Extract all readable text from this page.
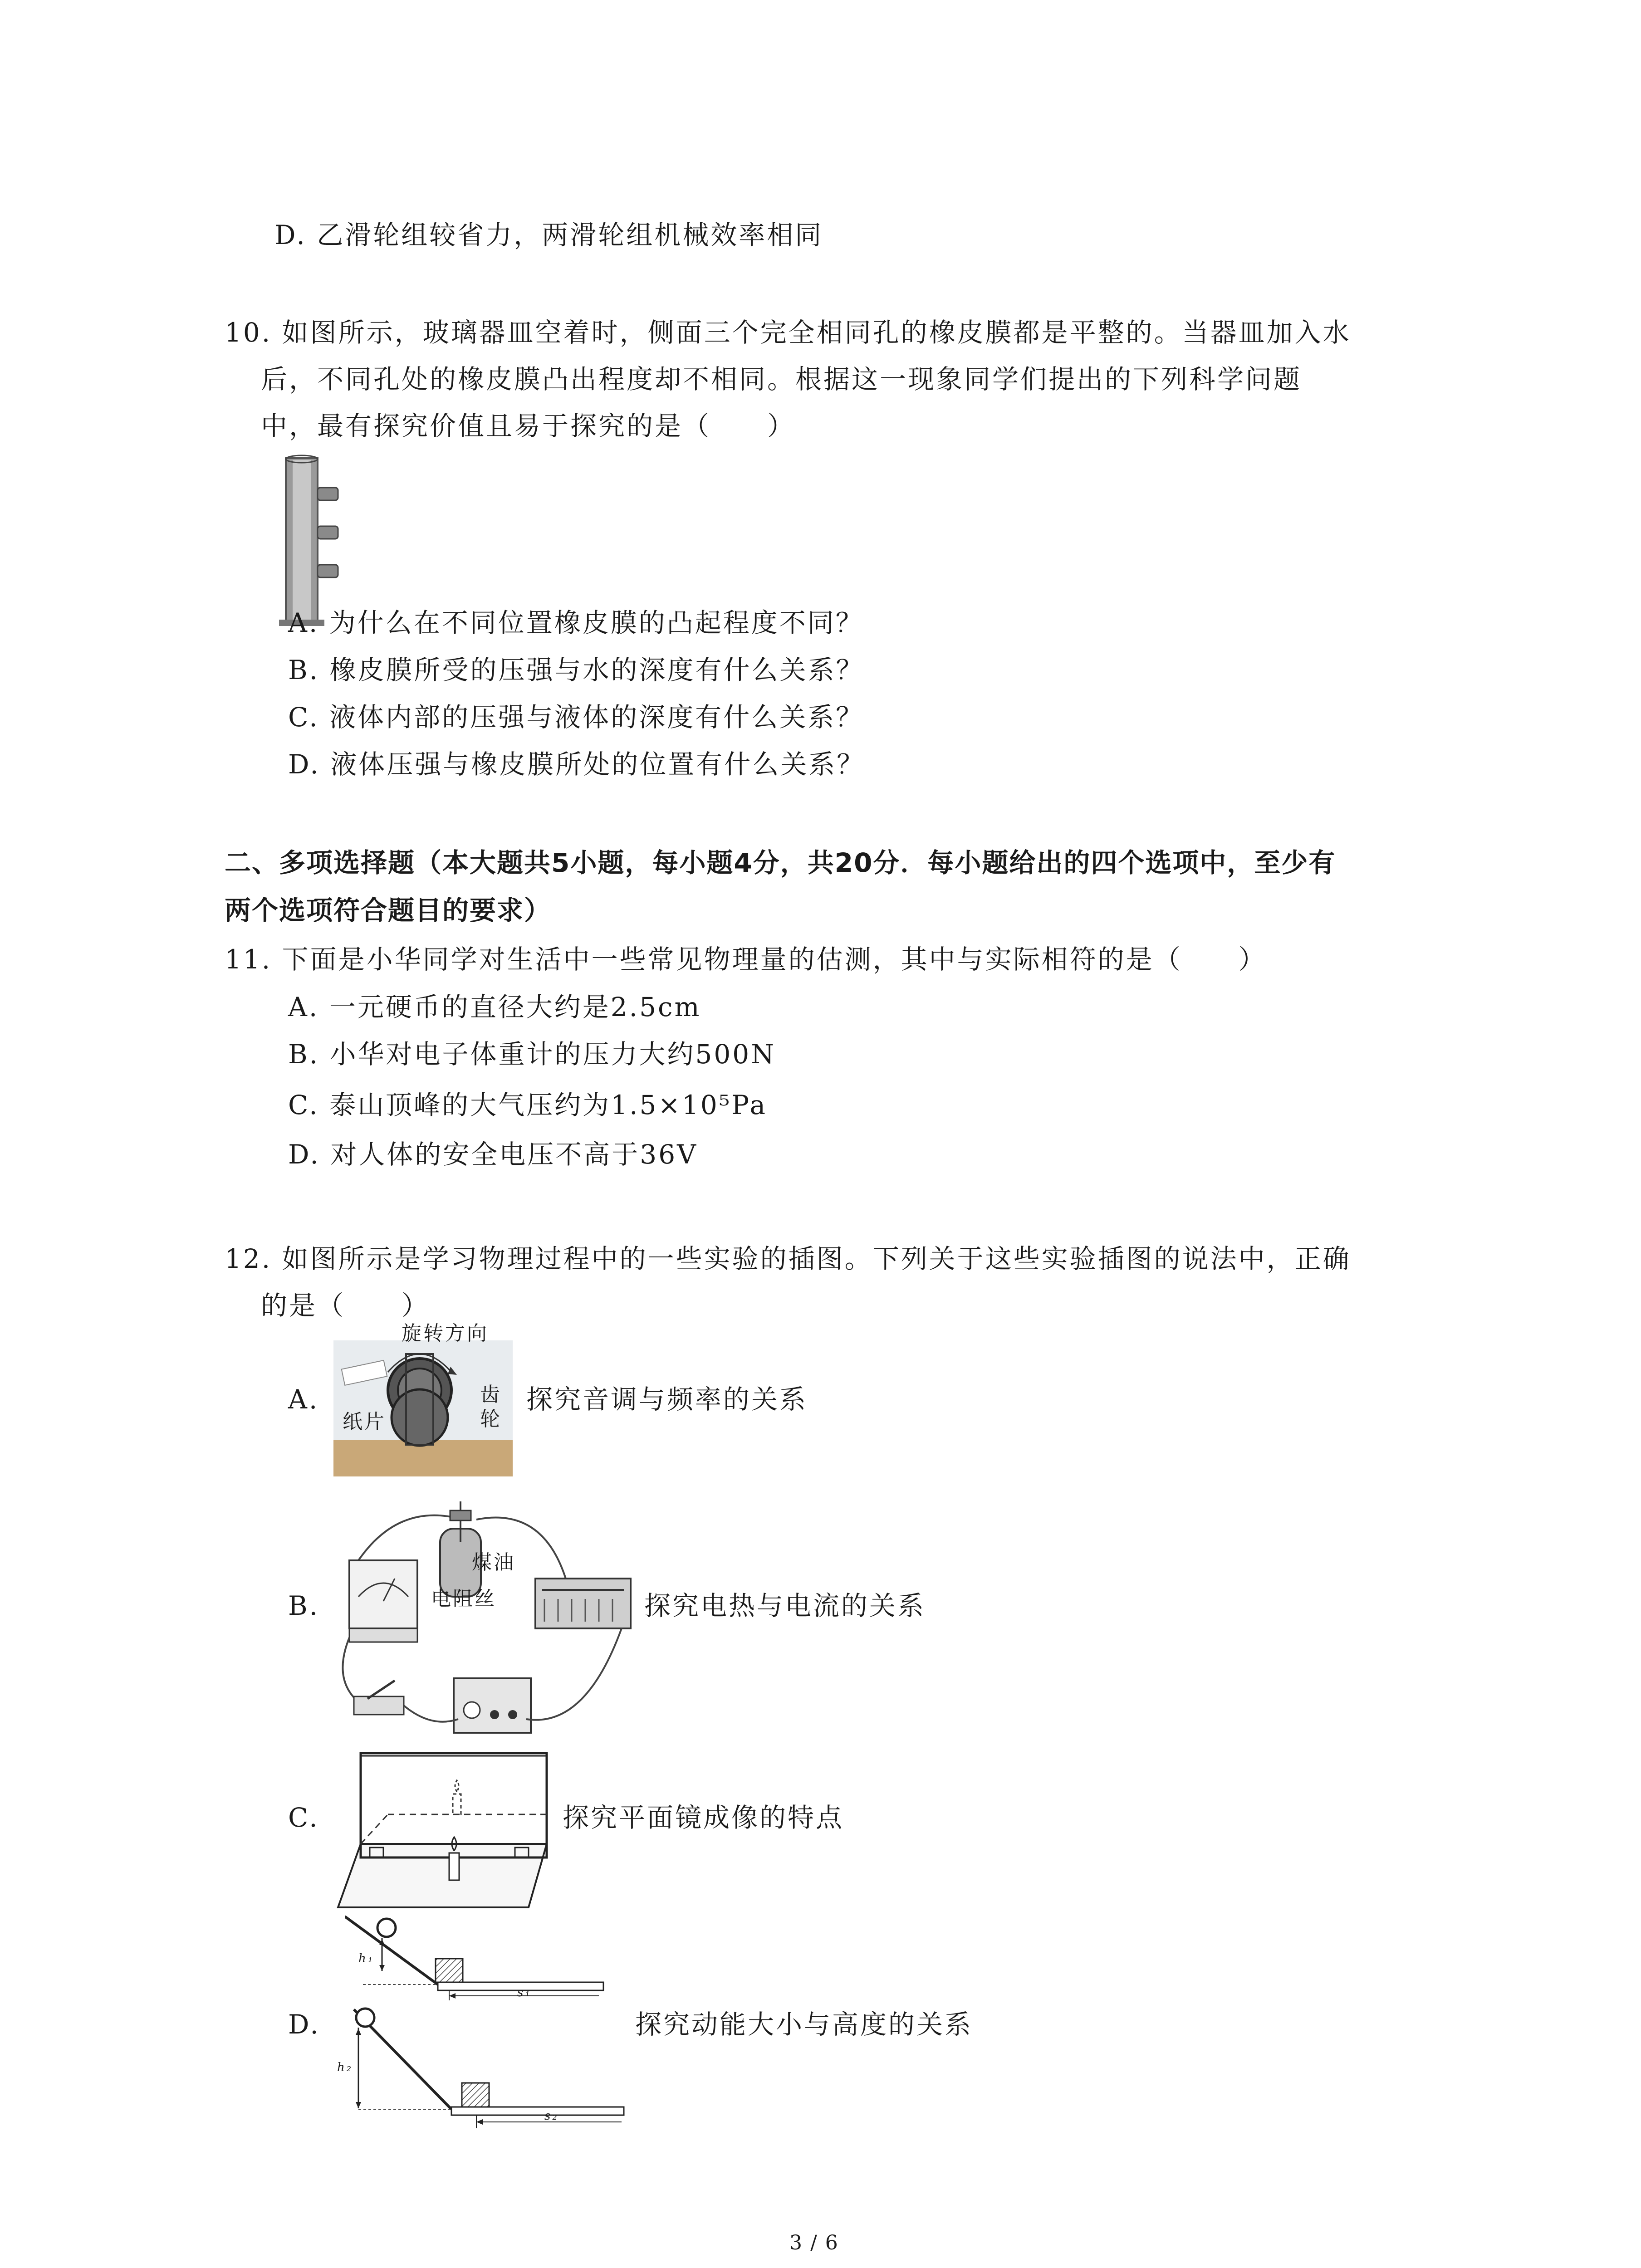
D. 乙滑轮组较省力，两滑轮组机械效率相同
10. 如图所示，玻璃器皿空着时，侧面三个完全相同孔的橡皮膜都是平整的。当器皿加入水
后，不同孔处的橡皮膜凸出程度却不相同。根据这一现象同学们提出的下列科学问题
中，最有探究价值且易于探究的是（　　）
A. 为什么在不同位置橡皮膜的凸起程度不同？
B. 橡皮膜所受的压强与水的深度有什么关系？
C. 液体内部的压强与液体的深度有什么关系？
D. 液体压强与橡皮膜所处的位置有什么关系？
二、多项选择题（本大题共5小题，每小题4分，共20分．每小题给出的四个选项中，至少有
两个选项符合题目的要求）
11. 下面是小华同学对生活中一些常见物理量的估测，其中与实际相符的是（　　）
A. 一元硬币的直径大约是2.5cm
B. 小华对电子体重计的压力大约500N
C. 泰山顶峰的大气压约为1.5×10⁵Pa
D. 对人体的安全电压不高于36V
12. 如图所示是学习物理过程中的一些实验的插图。下列关于这些实验插图的说法中，正确
的是（　　）
A.
旋转方向
纸片
齿
轮
探究音调与频率的关系
B.
煤油
电阻丝	探究电热与电流的关系
C.	探究平面镜成像的特点
h₁
s₁
D.
h₂
s₂
探究动能大小与高度的关系
3 / 6
